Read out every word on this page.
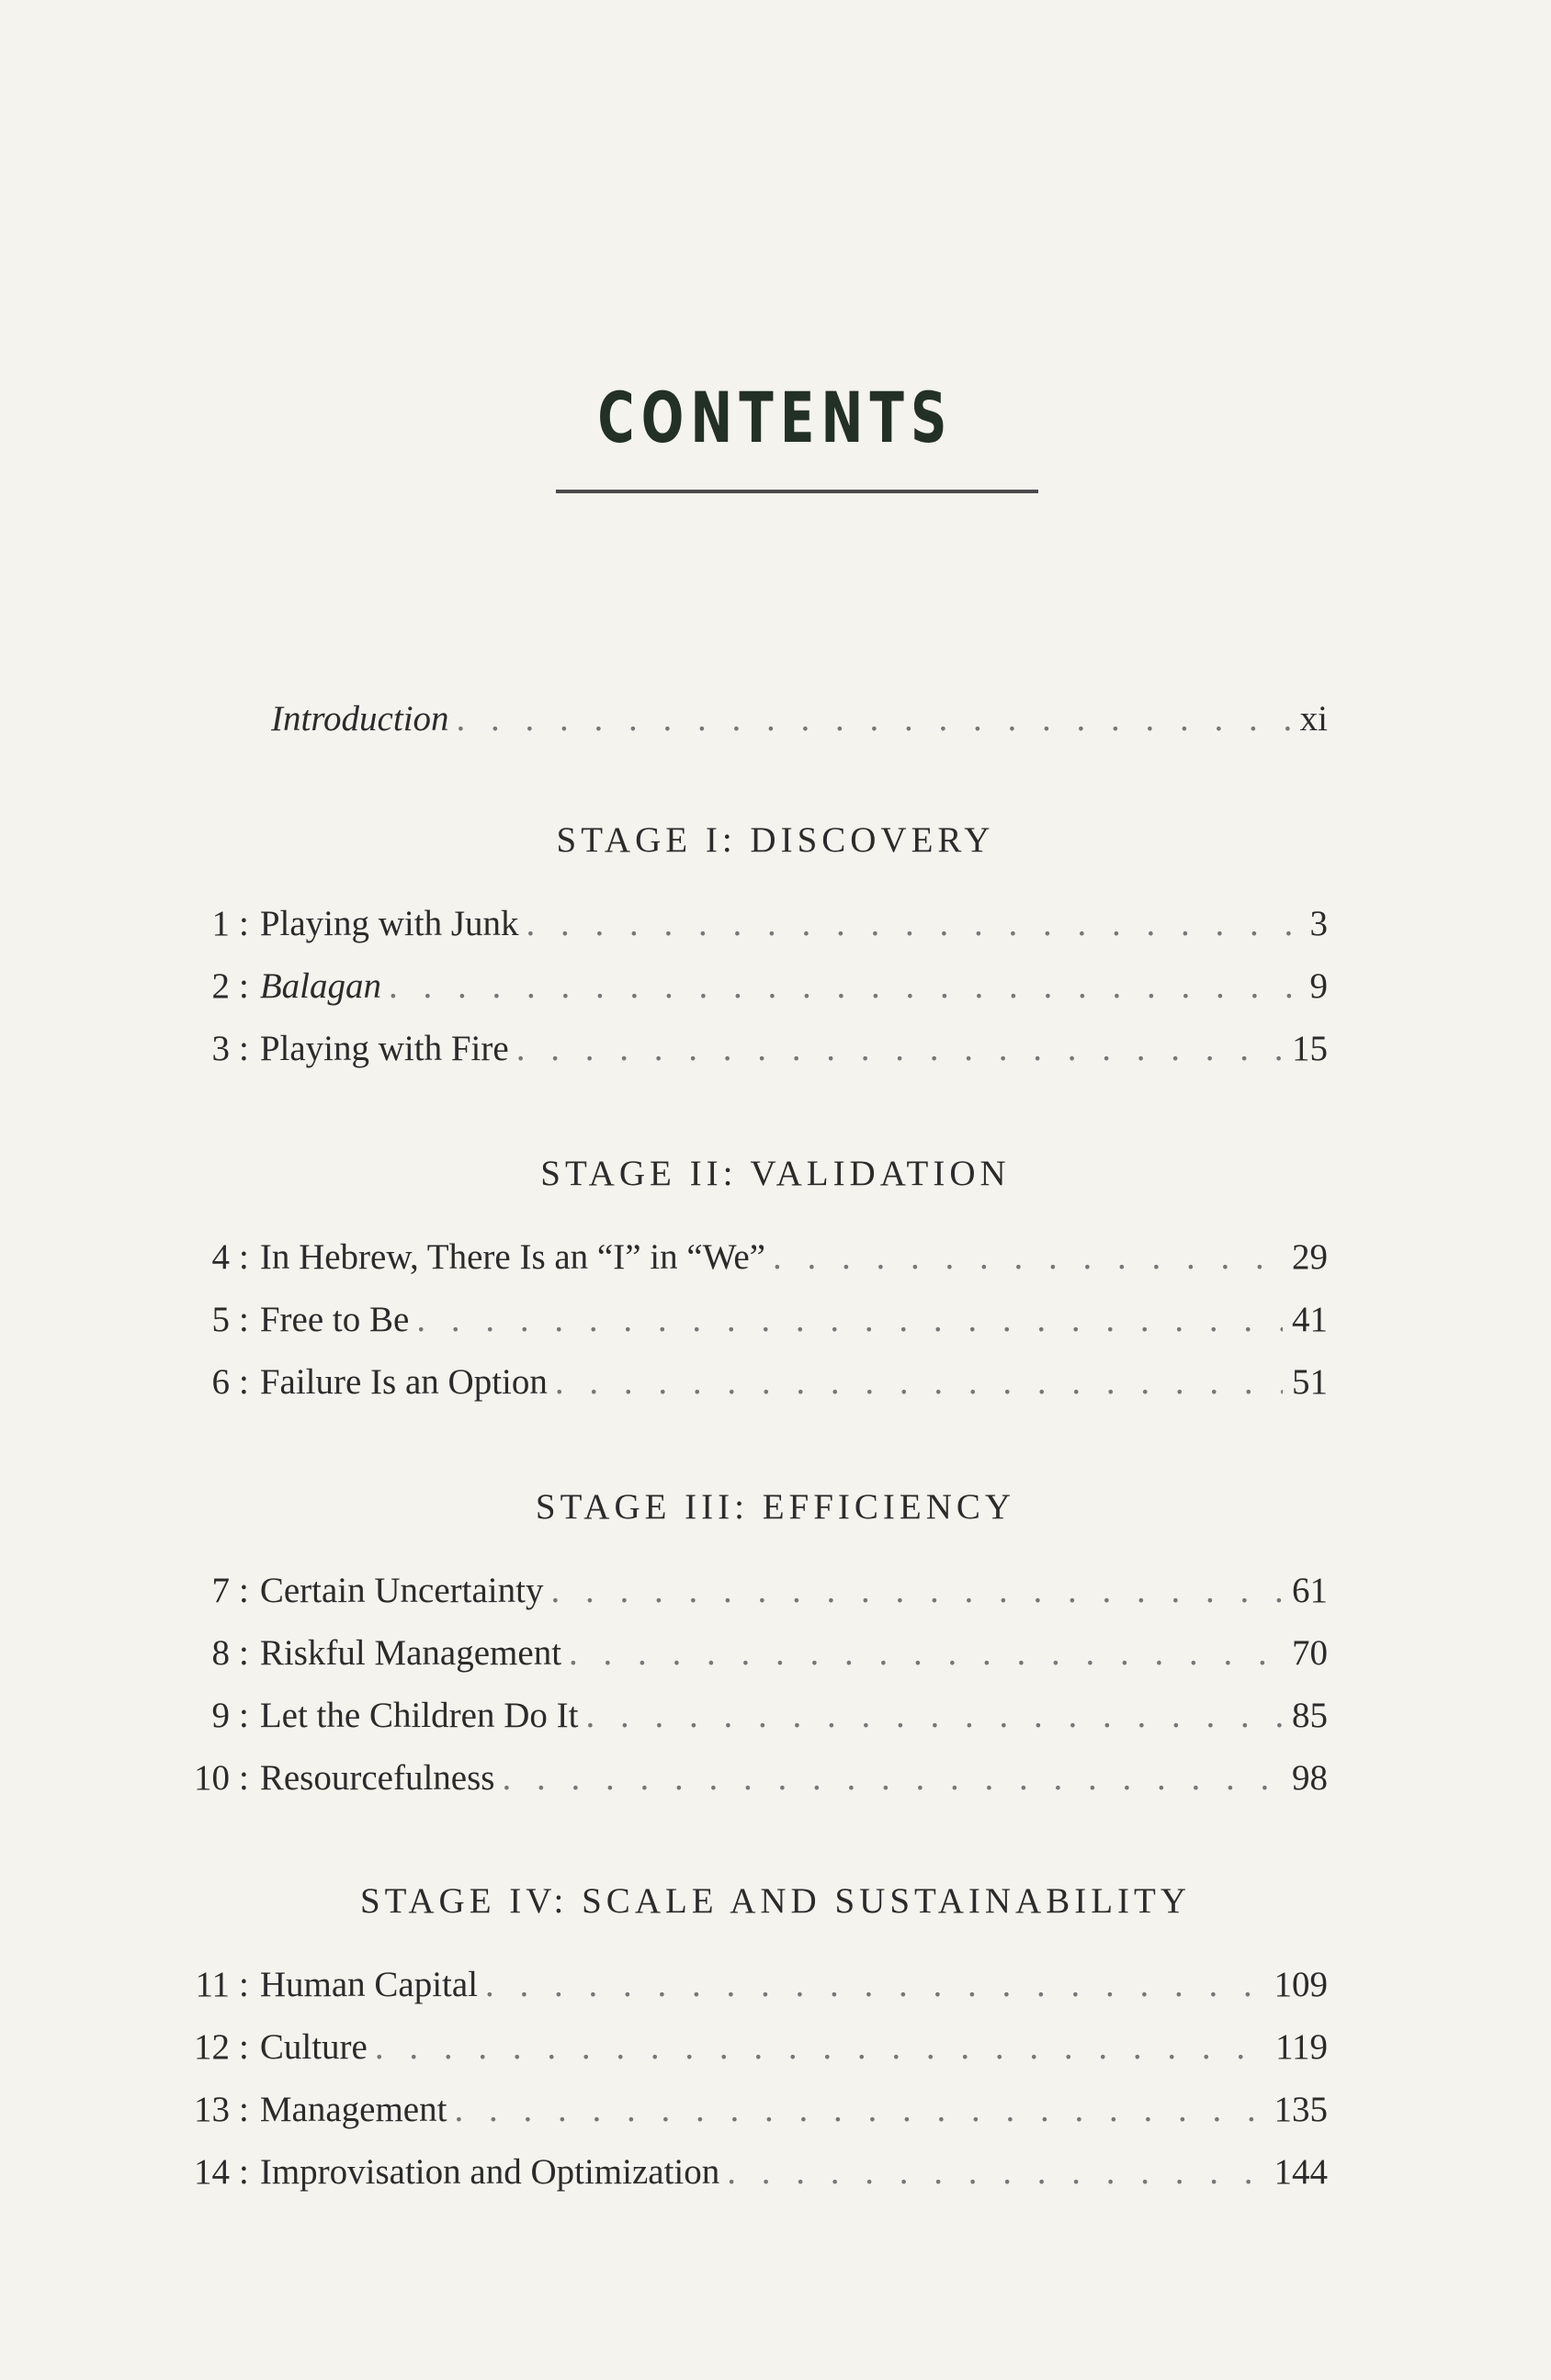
CONTENTS
Introduction . . .	xi
STAGE I: DISCOVERY
1 : Playing with Junk . . .	3
2 : Balagan . . .	9
3 : Playing with Fire . . .	15
STAGE II: VALIDATION
4 : In Hebrew, There Is an “I” in “We” . . .	29
5 : Free to Be . . .	41
6 : Failure Is an Option . . .	51
STAGE III: EFFICIENCY
7 : Certain Uncertainty . . .	61
8 : Riskful Management . . .	70
9 : Let the Children Do It . . .	85
10 : Resourcefulness . . .	98
STAGE IV: SCALE AND SUSTAINABILITY
11 : Human Capital . . .	109
12 : Culture . . .	119
13 : Management . . .	135
14 : Improvisation and Optimization . . .	144
